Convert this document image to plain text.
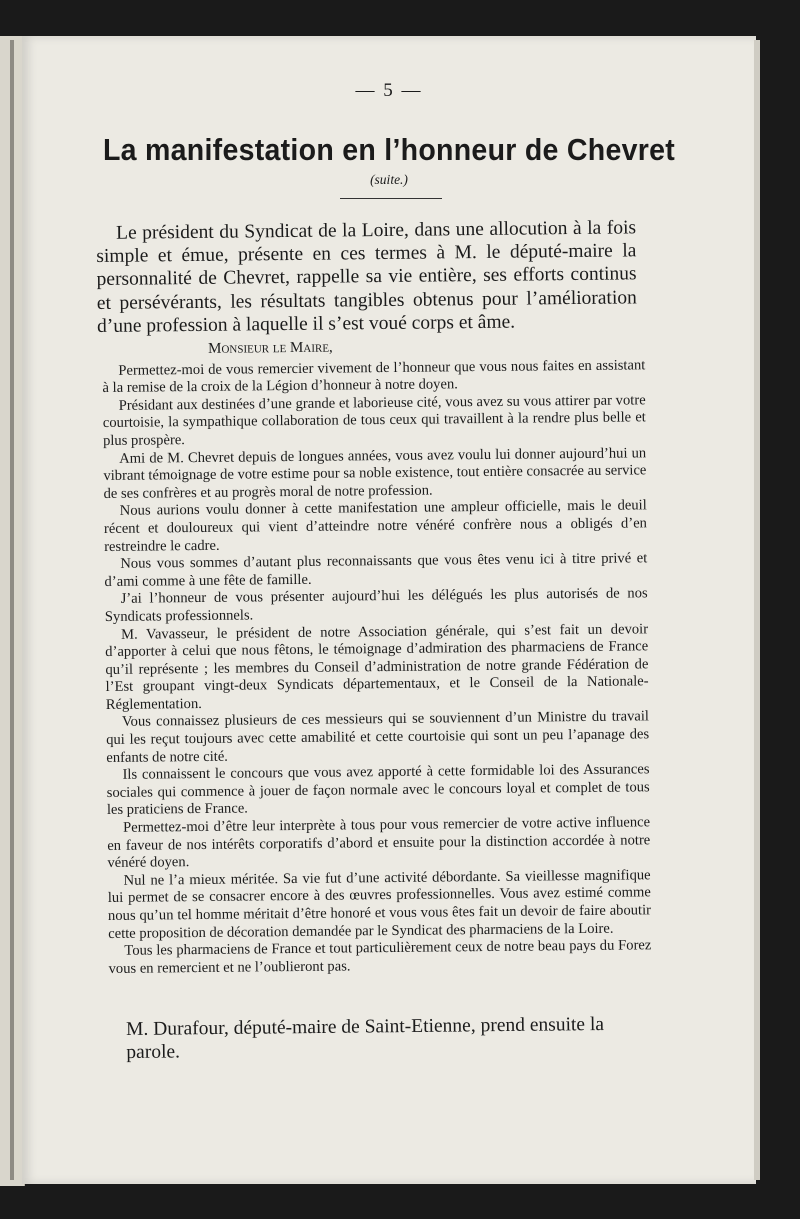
— 5 —
La manifestation en l’honneur de Chevret
(suite.)
Le président du Syndicat de la Loire, dans une allocution à la fois simple et émue, présente en ces termes à M. le député-maire la personnalité de Chevret, rappelle sa vie entière, ses efforts continus et persévérants, les résultats tangibles obtenus pour l’amélioration d’une profession à laquelle il s’est voué corps et âme.
Monsieur le Maire,

Permettez-moi de vous remercier vivement de l’honneur que vous nous faites en assistant à la remise de la croix de la Légion d’honneur à notre doyen.

Présidant aux destinées d’une grande et laborieuse cité, vous avez su vous attirer par votre courtoisie, la sympathique collaboration de tous ceux qui travaillent à la rendre plus belle et plus prospère.

Ami de M. Chevret depuis de longues années, vous avez voulu lui donner aujourd’hui un vibrant témoignage de votre estime pour sa noble existence, tout entière consacrée au service de ses confrères et au progrès moral de notre profession.

Nous aurions voulu donner à cette manifestation une ampleur officielle, mais le deuil récent et douloureux qui vient d’atteindre notre vénéré confrère nous a obligés d’en restreindre le cadre.

Nous vous sommes d’autant plus reconnaissants que vous êtes venu ici à titre privé et d’ami comme à une fête de famille.

J’ai l’honneur de vous présenter aujourd’hui les délégués les plus autorisés de nos Syndicats professionnels.

M. Vavasseur, le président de notre Association générale, qui s’est fait un devoir d’apporter à celui que nous fêtons, le témoignage d’admiration des pharmaciens de France qu’il représente ; les membres du Conseil d’administration de notre grande Fédération de l’Est groupant vingt-deux Syndicats départementaux, et le Conseil de la Nationale-Réglementation.

Vous connaissez plusieurs de ces messieurs qui se souviennent d’un Ministre du travail qui les reçut toujours avec cette amabilité et cette courtoisie qui sont un peu l’apanage des enfants de notre cité.

Ils connaissent le concours que vous avez apporté à cette formidable loi des Assurances sociales qui commence à jouer de façon normale avec le concours loyal et complet de tous les praticiens de France.

Permettez-moi d’être leur interprète à tous pour vous remercier de votre active influence en faveur de nos intérêts corporatifs d’abord et ensuite pour la distinction accordée à notre vénéré doyen.

Nul ne l’a mieux méritée. Sa vie fut d’une activité débordante. Sa vieillesse magnifique lui permet de se consacrer encore à des œuvres professionnelles. Vous avez estimé comme nous qu’un tel homme méritait d’être honoré et vous vous êtes fait un devoir de faire aboutir cette proposition de décoration demandée par le Syndicat des pharmaciens de la Loire.

Tous les pharmaciens de France et tout particulièrement ceux de notre beau pays du Forez vous en remercient et ne l’oublieront pas.

M. Durafour, député-maire de Saint-Etienne, prend ensuite la parole.
